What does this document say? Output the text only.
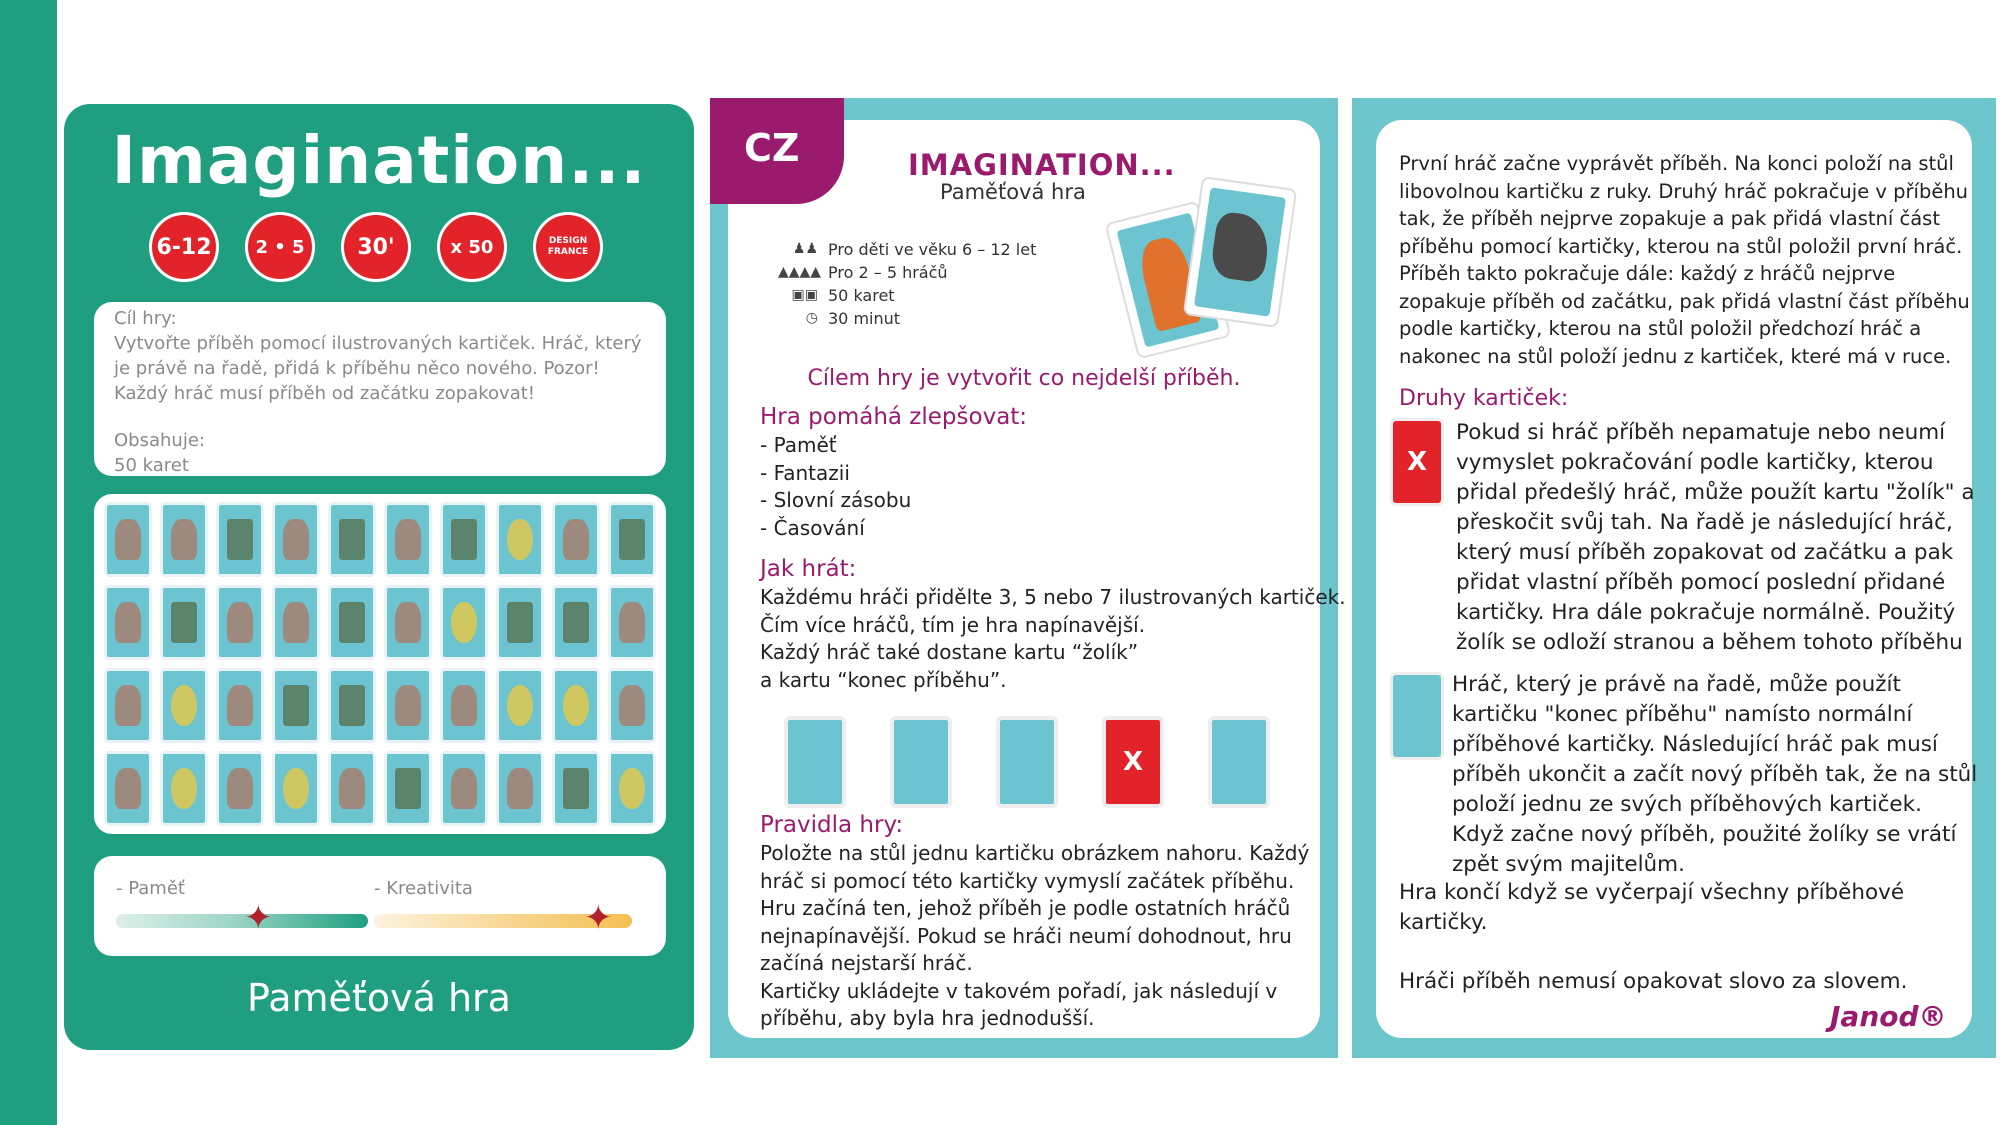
Imagination...
6-12	2 • 5	30'	x 50	DESIGN FRANCE
Cíl hry:
Vytvořte příběh pomocí ilustrovaných kartiček. Hráč, který je právě na řadě, přidá k příběhu něco nového. Pozor! Každý hráč musí příběh od začátku zopakovat!
Obsahuje:
50 karet
- Paměť	- Kreativita
✦	✦
Paměťová hra
CZ	IMAGINATION...
Paměťová hra
♟♟ Pro děti ve věku 6 – 12 let
▲▲▲▲ Pro 2 – 5 hráčů
▣▣ 50 karet
◷ 30 minut
Cílem hry je vytvořit co nejdelší příběh.
Hra pomáhá zlepšovat:
- Paměť
- Fantazii
- Slovní zásobu
- Časování
Jak hrát:
Každému hráči přidělte 3, 5 nebo 7 ilustrovaných kartiček.
Čím více hráčů, tím je hra napínavější.
Každý hráč také dostane kartu “žolík”
a kartu “konec příběhu”.
X
Pravidla hry:
Položte na stůl jednu kartičku obrázkem nahoru. Každý
hráč si pomocí této kartičky vymyslí začátek příběhu.
Hru začíná ten, jehož příběh je podle ostatních hráčů
nejnapínavější. Pokud se hráči neumí dohodnout, hru
začíná nejstarší hráč.
Kartičky ukládejte v takovém pořadí, jak následují v
příběhu, aby byla hra jednodušší.
První hráč začne vyprávět příběh. Na konci položí na stůl
libovolnou kartičku z ruky. Druhý hráč pokračuje v příběhu
tak, že příběh nejprve zopakuje a pak přidá vlastní část
příběhu pomocí kartičky, kterou na stůl položil první hráč.
Příběh takto pokračuje dále: každý z hráčů nejprve
zopakuje příběh od začátku, pak přidá vlastní část příběhu
podle kartičky, kterou na stůl položil předchozí hráč a
nakonec na stůl položí jednu z kartiček, které má v ruce.
Druhy kartiček:
X
Pokud si hráč příběh nepamatuje nebo neumí
vymyslet pokračování podle kartičky, kterou
přidal předešlý hráč, může použít kartu "žolík" a
přeskočit svůj tah. Na řadě je následující hráč,
který musí příběh zopakovat od začátku a pak
přidat vlastní příběh pomocí poslední přidané
kartičky. Hra dále pokračuje normálně. Použitý
žolík se odloží stranou a během tohoto příběhu
Hráč, který je právě na řadě, může použít
kartičku "konec příběhu" namísto normální
příběhové kartičky. Následující hráč pak musí
příběh ukončit a začít nový příběh tak, že na stůl
položí jednu ze svých příběhových kartiček.
Když začne nový příběh, použité žolíky se vrátí
zpět svým majitelům.
Hra končí když se vyčerpají všechny příběhové
kartičky.
Hráči příběh nemusí opakovat slovo za slovem.
Janod®
